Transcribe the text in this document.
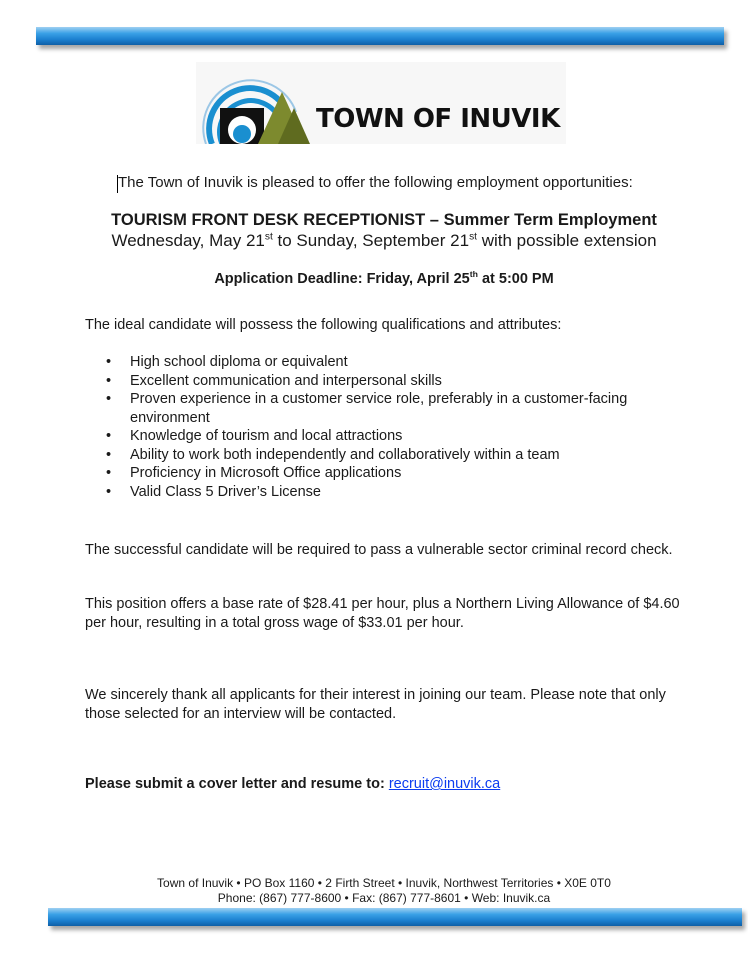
TOWN OF INUVIK
The Town of Inuvik is pleased to offer the following employment opportunities:
TOURISM FRONT DESK RECEPTIONIST – Summer Term Employment
Wednesday, May 21st to Sunday, September 21st with possible extension
Application Deadline: Friday, April 25th at 5:00 PM
The ideal candidate will possess the following qualifications and attributes:
• High school diploma or equivalent
• Excellent communication and interpersonal skills
• Proven experience in a customer service role, preferably in a customer-facing environment
• Knowledge of tourism and local attractions
• Ability to work both independently and collaboratively within a team
• Proficiency in Microsoft Office applications
• Valid Class 5 Driver’s License
The successful candidate will be required to pass a vulnerable sector criminal record check.
This position offers a base rate of $28.41 per hour, plus a Northern Living Allowance of $4.60 per hour, resulting in a total gross wage of $33.01 per hour.
We sincerely thank all applicants for their interest in joining our team. Please note that only those selected for an interview will be contacted.
Please submit a cover letter and resume to: recruit@inuvik.ca
Town of Inuvik • PO Box 1160 • 2 Firth Street • Inuvik, Northwest Territories • X0E 0T0
Phone: (867) 777-8600 • Fax: (867) 777-8601 • Web: Inuvik.ca
